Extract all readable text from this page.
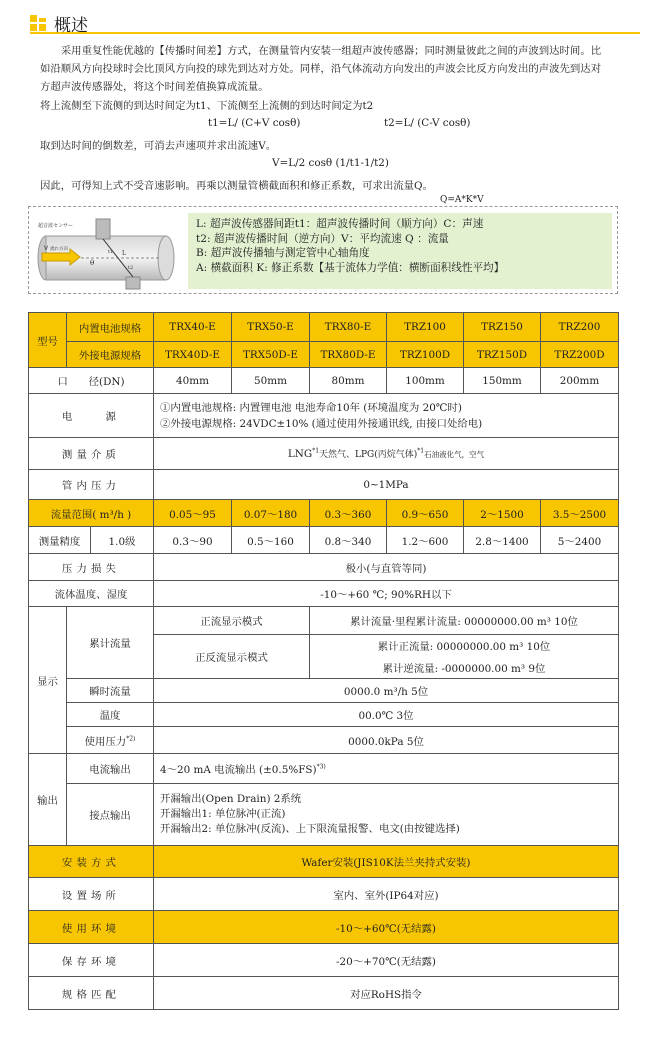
概述
采用重复性能优越的【传播时间差】方式，在测量管内安装一组超声波传感器；同时测量彼此之间的声波到达时间。比如沿顺风方向投球时会比顶风方向投的球先到达对方处。同样，沿气体流动方向发出的声波会比反方向发出的声波先到达对方超声波传感器处，将这个时间差值换算成流量。
将上流侧至下流侧的到达时间定为t1、下流侧至上流侧的到达时间定为t2
t1=L/ (C+V cosθ)	t2=L/ (C-V cosθ)
取到达时间的倒数差，可消去声速项并求出流速V。
V=L/2 cosθ (1/t1-1/t2)
因此，可得知上式不受音速影响。再乘以测量管横截面积和修正系数，可求出流量Q。
Q=A*K*V
超音波センサー
V 流れ方向
θ
L
t1
t2
L: 超声波传感器间距t1：超声波传播时间（顺方向）C：声速
t2: 超声波传播时间（逆方向）V：平均流速 Q ：流量
B: 超声波传播轴与测定管中心轴角度
A: 横截面积 K: 修正系数【基于流体力学值：横断面积线性平均】
型号	内置电池规格		TRX40-E	TRX50-E	TRX80-E	TRZ100	TRZ150	TRZ200
	外接电源规格		TRX40D-E	TRX50D-E	TRX80D-E	TRZ100D	TRZ150D	TRZ200D
口　　径(DN)			40mm	50mm	80mm	100mm	150mm	200mm
电　　源			①内置电池规格: 内置锂电池 电池寿命10年 (环境温度为 20℃时)
②外接电源规格: 24VDC±10% (通过使用外接通讯线, 由接口处给电)					

测量介质			LNG$^{*1}$天然气、LPG(丙烷气体)$^{*1}$石油液化气，空气					
管内压力			0~1MPa					
流量范围( m³/h )			0.05～95	0.07～180	0.3～360	0.9～650	2～1500	3.5～2500
测量精度		1.0级	0.3～90	0.5～160	0.8～340	1.2～600	2.8～1400	5～2400
压力损失			极小(与直管等同)					
流体温度、湿度			-10～+60 ℃; 90%RH以下					
显示	累计流量		正流显示模式		累计流量·里程累计流量: 00000000.00 m³ 10位			
			正反流显示模式		累计正流量: 00000000.00 m³ 10位			
					累计逆流量: -0000000.00 m³ 9位			
	瞬时流量		0000.0 m³/h 5位					
	温度		00.0℃ 3位					
	使用压力$^{*2)}$		0000.0kPa 5位					
输出	电流输出		4～20 mA 电流输出 $(\pm 0.5\%FS)^{*3)}$
	接点输出		开漏输出(Open Drain) 2系统
开漏输出1: 单位脉冲(正流)
开漏输出2: 单位脉冲(反流)、上下限流量报警、电文(由按键选择)					

安装方式			Wafer安装(JIS10K法兰夹持式安装)					
设置场所			室内、室外(IP64对应)					
使用环境			-10～+60℃(无结露)					
保存环境			-20～+70℃(无结露)					
规格匹配			对应RoHS指令					
